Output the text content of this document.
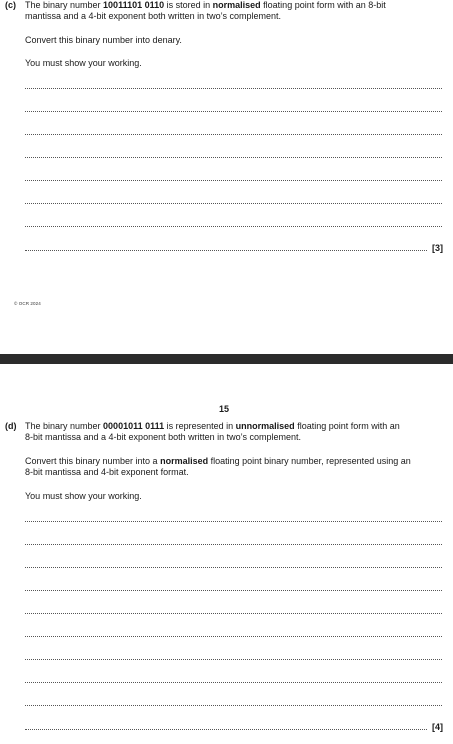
(c) The binary number 10011101 0110 is stored in normalised floating point form with an 8-bit
mantissa and a 4-bit exponent both written in two’s complement.
Convert this binary number into denary.
You must show your working.
[3]
© OCR 2024
15
(d) The binary number 00001011 0111 is represented in unnormalised floating point form with an
8-bit mantissa and a 4-bit exponent both written in two’s complement.
Convert this binary number into a normalised floating point binary number, represented using an
8-bit mantissa and 4-bit exponent format.
You must show your working.
[4]
